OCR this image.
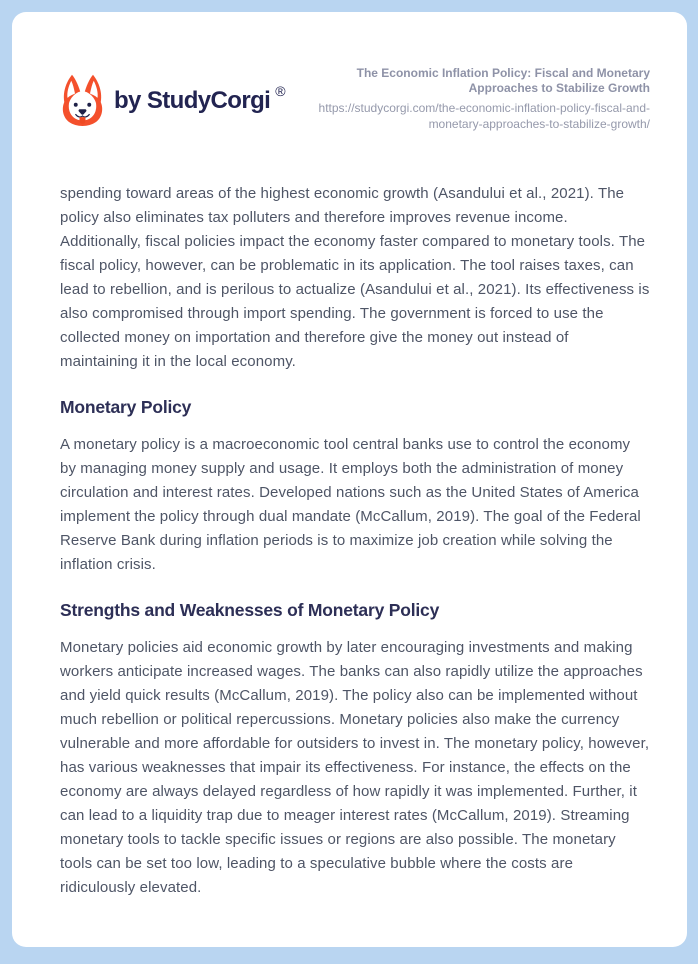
by StudyCorgi ®
The Economic Inflation Policy: Fiscal and Monetary Approaches to Stabilize Growth
https://studycorgi.com/the-economic-inflation-policy-fiscal-and-monetary-approaches-to-stabilize-growth/

spending toward areas of the highest economic growth (Asandului et al., 2021). The policy also eliminates tax polluters and therefore improves revenue income. Additionally, fiscal policies impact the economy faster compared to monetary tools. The fiscal policy, however, can be problematic in its application. The tool raises taxes, can lead to rebellion, and is perilous to actualize (Asandului et al., 2021). Its effectiveness is also compromised through import spending. The government is forced to use the collected money on importation and therefore give the money out instead of maintaining it in the local economy.

Monetary Policy

A monetary policy is a macroeconomic tool central banks use to control the economy by managing money supply and usage. It employs both the administration of money circulation and interest rates. Developed nations such as the United States of America implement the policy through dual mandate (McCallum, 2019). The goal of the Federal Reserve Bank during inflation periods is to maximize job creation while solving the inflation crisis.

Strengths and Weaknesses of Monetary Policy

Monetary policies aid economic growth by later encouraging investments and making workers anticipate increased wages. The banks can also rapidly utilize the approaches and yield quick results (McCallum, 2019). The policy also can be implemented without much rebellion or political repercussions. Monetary policies also make the currency vulnerable and more affordable for outsiders to invest in. The monetary policy, however, has various weaknesses that impair its effectiveness. For instance, the effects on the economy are always delayed regardless of how rapidly it was implemented. Further, it can lead to a liquidity trap due to meager interest rates (McCallum, 2019). Streaming monetary tools to tackle specific issues or regions are also possible. The monetary tools can be set too low, leading to a speculative bubble where the costs are ridiculously elevated.
